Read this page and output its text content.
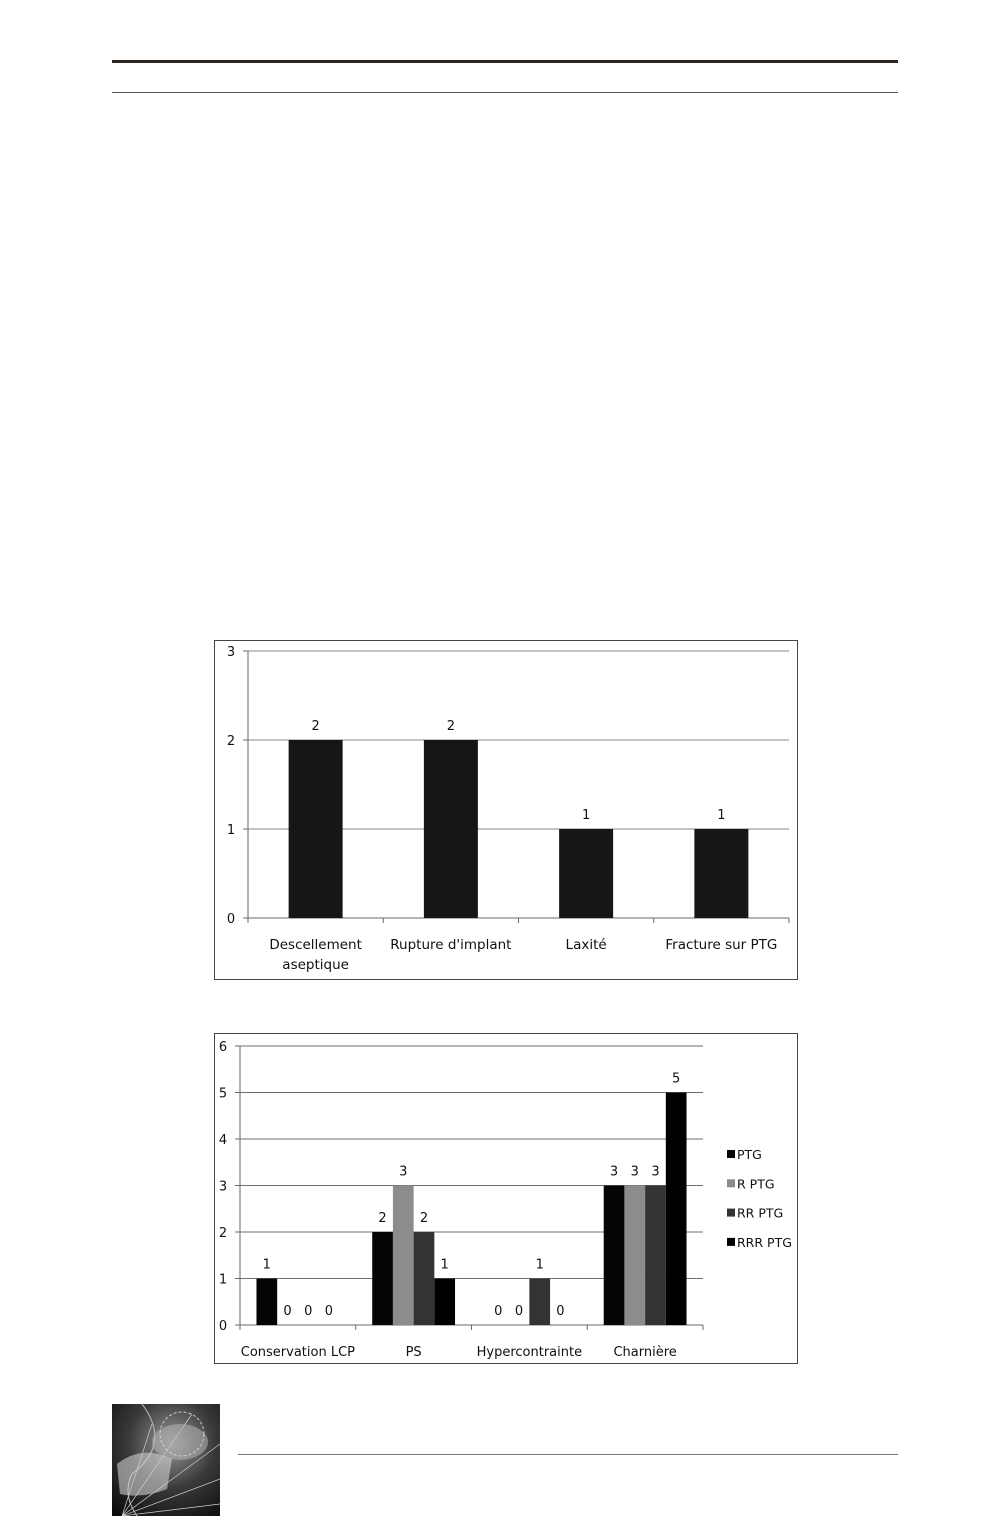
0
1
2
3
2
Descellement
aseptique
2
Rupture d'implant
1
Laxité
1
Fracture sur PTG
0
1
2
3
4
5
6
1
0 0 0
Conservation LCP
2
3
2
1
PS
0 0
1
0
Hypercontrainte
3 3 3
5
Charnière
PTG
R PTG
RR PTG
RRR PTG
